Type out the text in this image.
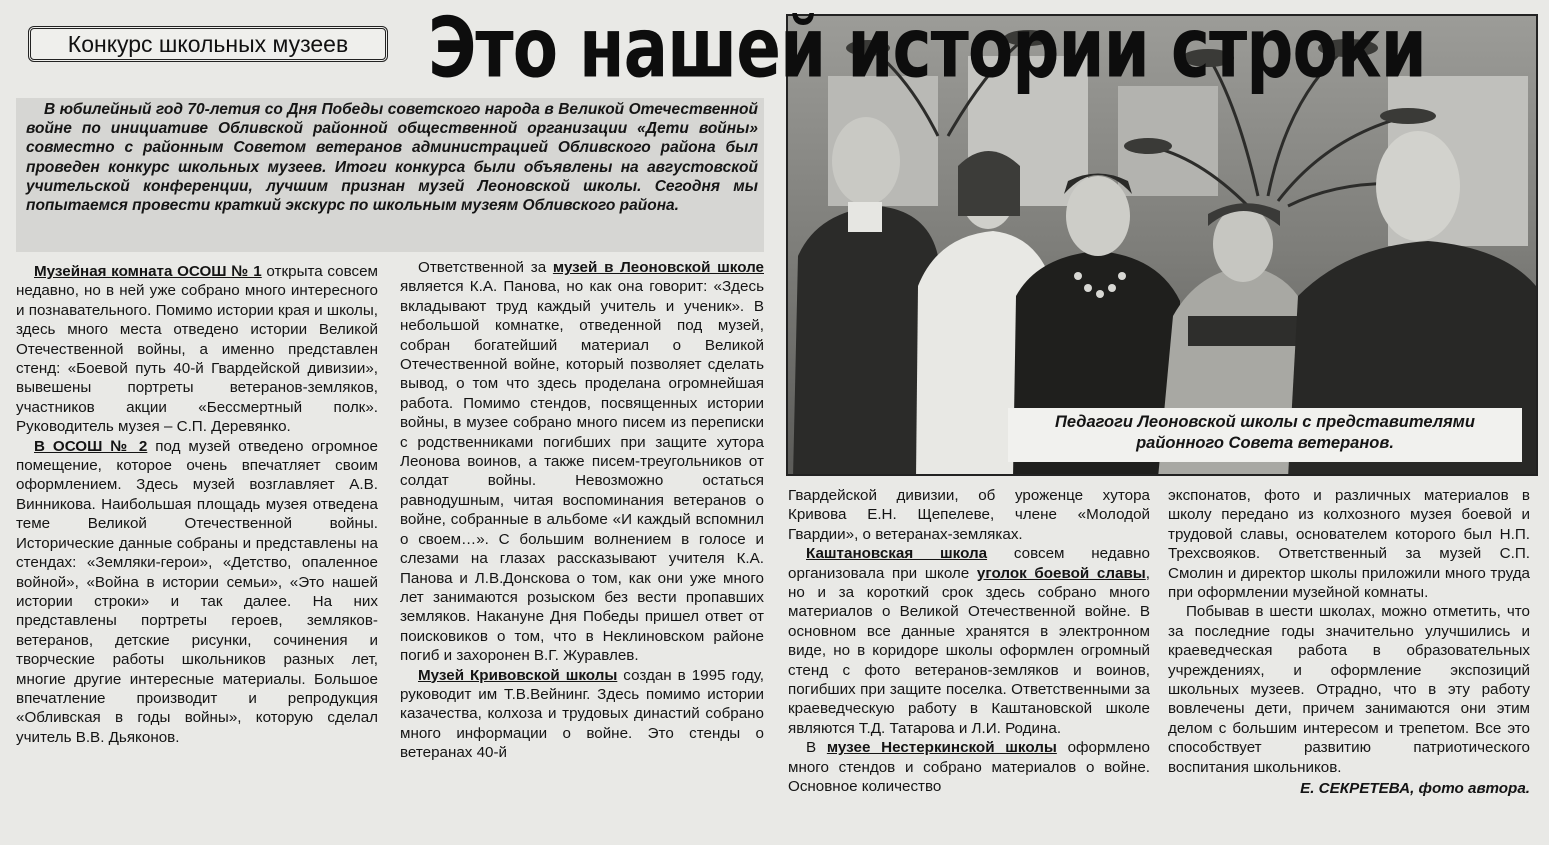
Конкурс школьных музеев	Это нашей истории строки
В юбилейный год 70-летия со Дня Победы советского народа в Великой Отечественной войне по инициативе Обливской районной общественной организации «Дети войны» совместно с районным Советом ветеранов администрацией Обливского района был проведен конкурс школьных музеев. Итоги конкурса были объявлены на августовской учительской конференции, лучшим признан музей Леоновской школы. Сегодня мы попытаемся провести краткий экскурс по школьным музеям Обливского района.
Педагоги Леоновской школы с представителями
районного Совета ветеранов.

Музейная комната ОСОШ № 1 открыта совсем недавно, но в ней уже собрано много интересного и познавательного. Помимо истории края и школы, здесь много места отведено истории Великой Отечественной войны, а именно представлен стенд: «Боевой путь 40-й Гвардейской дивизии», вывешены портреты ветеранов-земляков, участников акции «Бессмертный полк». Руководитель музея – С.П. Деревянко.

В ОСОШ № 2 под музей отведено огромное помещение, которое очень впечатляет своим оформлением. Здесь музей возглавляет А.В. Винникова. Наибольшая площадь музея отведена теме Великой Отечественной войны. Исторические данные собраны и представлены на стендах: «Земляки-герои», «Детство, опаленное войной», «Война в истории семьи», «Это нашей истории строки» и так далее. На них представлены портреты героев, земляков-ветеранов, детские рисунки, сочинения и творческие работы школьников разных лет, многие другие интересные материалы. Большое впечатление производит и репродукция «Обливская в годы войны», которую сделал учитель В.В. Дьяконов.

Ответственной за музей в Леоновской школе является К.А. Панова, но как она говорит: «Здесь вкладывают труд каждый учитель и ученик». В небольшой комнатке, отведенной под музей, собран богатейший материал о Великой Отечественной войне, который позволяет сделать вывод, о том что здесь проделана огромнейшая работа. Помимо стендов, посвященных истории войны, в музее собрано много писем из переписки с родственниками погибших при защите хутора Леонова воинов, а также писем-треугольников от солдат войны. Невозможно остаться равнодушным, читая воспоминания ветеранов о войне, собранные в альбоме «И каждый вспомнил о своем…». С большим волнением в голосе и слезами на глазах рассказывают учителя К.А. Панова и Л.В.Донскова о том, как они уже много лет занимаются розыском без вести пропавших земляков. Накануне Дня Победы пришел ответ от поисковиков о том, что в Неклиновском районе погиб и захоронен В.Г. Журавлев.

Музей Кривовской школы создан в 1995 году, руководит им Т.В.Вейнинг. Здесь помимо истории казачества, колхоза и трудовых династий собрано много информации о войне. Это стенды о ветеранах 40-й

Гвардейской дивизии, об уроженце хутора Кривова Е.Н. Щепелеве, члене «Молодой Гвардии», о ветеранах-земляках.

Каштановская школа совсем недавно организовала при школе уголок боевой славы, но и за короткий срок здесь собрано много материалов о Великой Отечественной войне. В основном все данные хранятся в электронном виде, но в коридоре школы оформлен огромный стенд с фото ветеранов-земляков и воинов, погибших при защите поселка. Ответственными за краеведческую работу в Каштановской школе являются Т.Д. Татарова и Л.И. Родина.

В музее Нестеркинской школы оформлено много стендов и собрано материалов о войне. Основное количество

экспонатов, фото и различных материалов в школу передано из колхозного музея боевой и трудовой славы, основателем которого был Н.П. Трехсвояков. Ответственный за музей С.П. Смолин и директор школы приложили много труда при оформлении музейной комнаты.

Побывав в шести школах, можно отметить, что за последние годы значительно улучшились и краеведческая работа в образовательных учреждениях, и оформление экспозиций школьных музеев. Отрадно, что в эту работу вовлечены дети, причем занимаются они этим делом с большим интересом и трепетом. Все это способствует развитию патриотического воспитания школьников.

Е. СЕКРЕТЕВА, фото автора.
